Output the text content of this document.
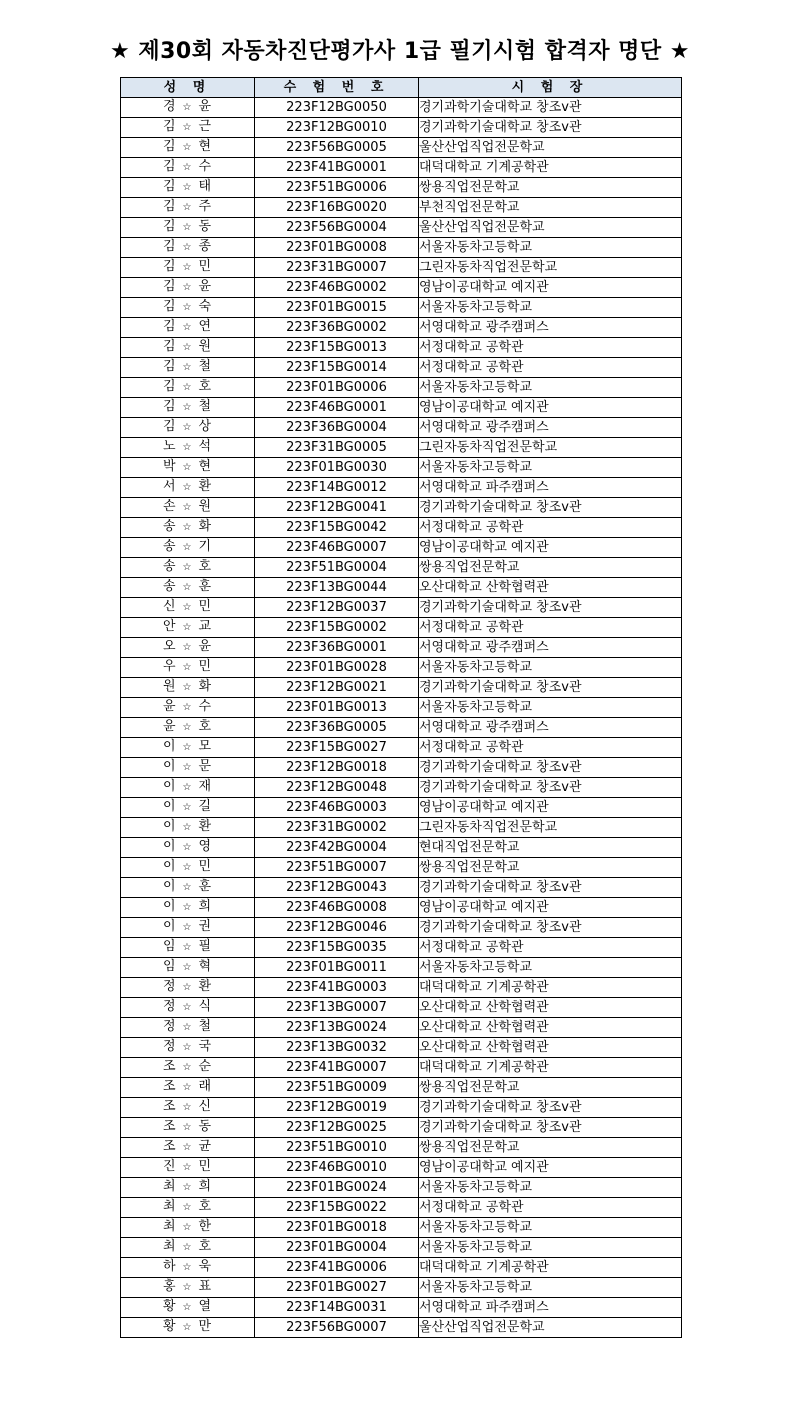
★ 제30회 자동차진단평가사 1급 필기시험 합격자 명단 ★
성 명	수 험 번 호	시 험 장
경 ☆ 윤	223F12BG0050	경기과학기술대학교 창조v관
김 ☆ 근	223F12BG0010	경기과학기술대학교 창조v관
김 ☆ 현	223F56BG0005	울산산업직업전문학교
김 ☆ 수	223F41BG0001	대덕대학교 기계공학관
김 ☆ 태	223F51BG0006	쌍용직업전문학교
김 ☆ 주	223F16BG0020	부천직업전문학교
김 ☆ 동	223F56BG0004	울산산업직업전문학교
김 ☆ 종	223F01BG0008	서울자동차고등학교
김 ☆ 민	223F31BG0007	그린자동차직업전문학교
김 ☆ 윤	223F46BG0002	영남이공대학교 예지관
김 ☆ 숙	223F01BG0015	서울자동차고등학교
김 ☆ 연	223F36BG0002	서영대학교 광주캠퍼스
김 ☆ 원	223F15BG0013	서정대학교 공학관
김 ☆ 철	223F15BG0014	서정대학교 공학관
김 ☆ 호	223F01BG0006	서울자동차고등학교
김 ☆ 철	223F46BG0001	영남이공대학교 예지관
김 ☆ 상	223F36BG0004	서영대학교 광주캠퍼스
노 ☆ 석	223F31BG0005	그린자동차직업전문학교
박 ☆ 현	223F01BG0030	서울자동차고등학교
서 ☆ 환	223F14BG0012	서영대학교 파주캠퍼스
손 ☆ 원	223F12BG0041	경기과학기술대학교 창조v관
송 ☆ 화	223F15BG0042	서정대학교 공학관
송 ☆ 기	223F46BG0007	영남이공대학교 예지관
송 ☆ 호	223F51BG0004	쌍용직업전문학교
송 ☆ 훈	223F13BG0044	오산대학교 산학협력관
신 ☆ 민	223F12BG0037	경기과학기술대학교 창조v관
안 ☆ 교	223F15BG0002	서정대학교 공학관
오 ☆ 윤	223F36BG0001	서영대학교 광주캠퍼스
우 ☆ 민	223F01BG0028	서울자동차고등학교
원 ☆ 화	223F12BG0021	경기과학기술대학교 창조v관
윤 ☆ 수	223F01BG0013	서울자동차고등학교
윤 ☆ 호	223F36BG0005	서영대학교 광주캠퍼스
이 ☆ 모	223F15BG0027	서정대학교 공학관
이 ☆ 문	223F12BG0018	경기과학기술대학교 창조v관
이 ☆ 재	223F12BG0048	경기과학기술대학교 창조v관
이 ☆ 길	223F46BG0003	영남이공대학교 예지관
이 ☆ 환	223F31BG0002	그린자동차직업전문학교
이 ☆ 영	223F42BG0004	현대직업전문학교
이 ☆ 민	223F51BG0007	쌍용직업전문학교
이 ☆ 훈	223F12BG0043	경기과학기술대학교 창조v관
이 ☆ 희	223F46BG0008	영남이공대학교 예지관
이 ☆ 권	223F12BG0046	경기과학기술대학교 창조v관
임 ☆ 필	223F15BG0035	서정대학교 공학관
임 ☆ 혁	223F01BG0011	서울자동차고등학교
정 ☆ 환	223F41BG0003	대덕대학교 기계공학관
정 ☆ 식	223F13BG0007	오산대학교 산학협력관
정 ☆ 철	223F13BG0024	오산대학교 산학협력관
정 ☆ 국	223F13BG0032	오산대학교 산학협력관
조 ☆ 순	223F41BG0007	대덕대학교 기계공학관
조 ☆ 래	223F51BG0009	쌍용직업전문학교
조 ☆ 신	223F12BG0019	경기과학기술대학교 창조v관
조 ☆ 동	223F12BG0025	경기과학기술대학교 창조v관
조 ☆ 균	223F51BG0010	쌍용직업전문학교
진 ☆ 민	223F46BG0010	영남이공대학교 예지관
최 ☆ 희	223F01BG0024	서울자동차고등학교
최 ☆ 호	223F15BG0022	서정대학교 공학관
최 ☆ 한	223F01BG0018	서울자동차고등학교
최 ☆ 호	223F01BG0004	서울자동차고등학교
하 ☆ 욱	223F41BG0006	대덕대학교 기계공학관
홍 ☆ 표	223F01BG0027	서울자동차고등학교
황 ☆ 열	223F14BG0031	서영대학교 파주캠퍼스
황 ☆ 만	223F56BG0007	울산산업직업전문학교
